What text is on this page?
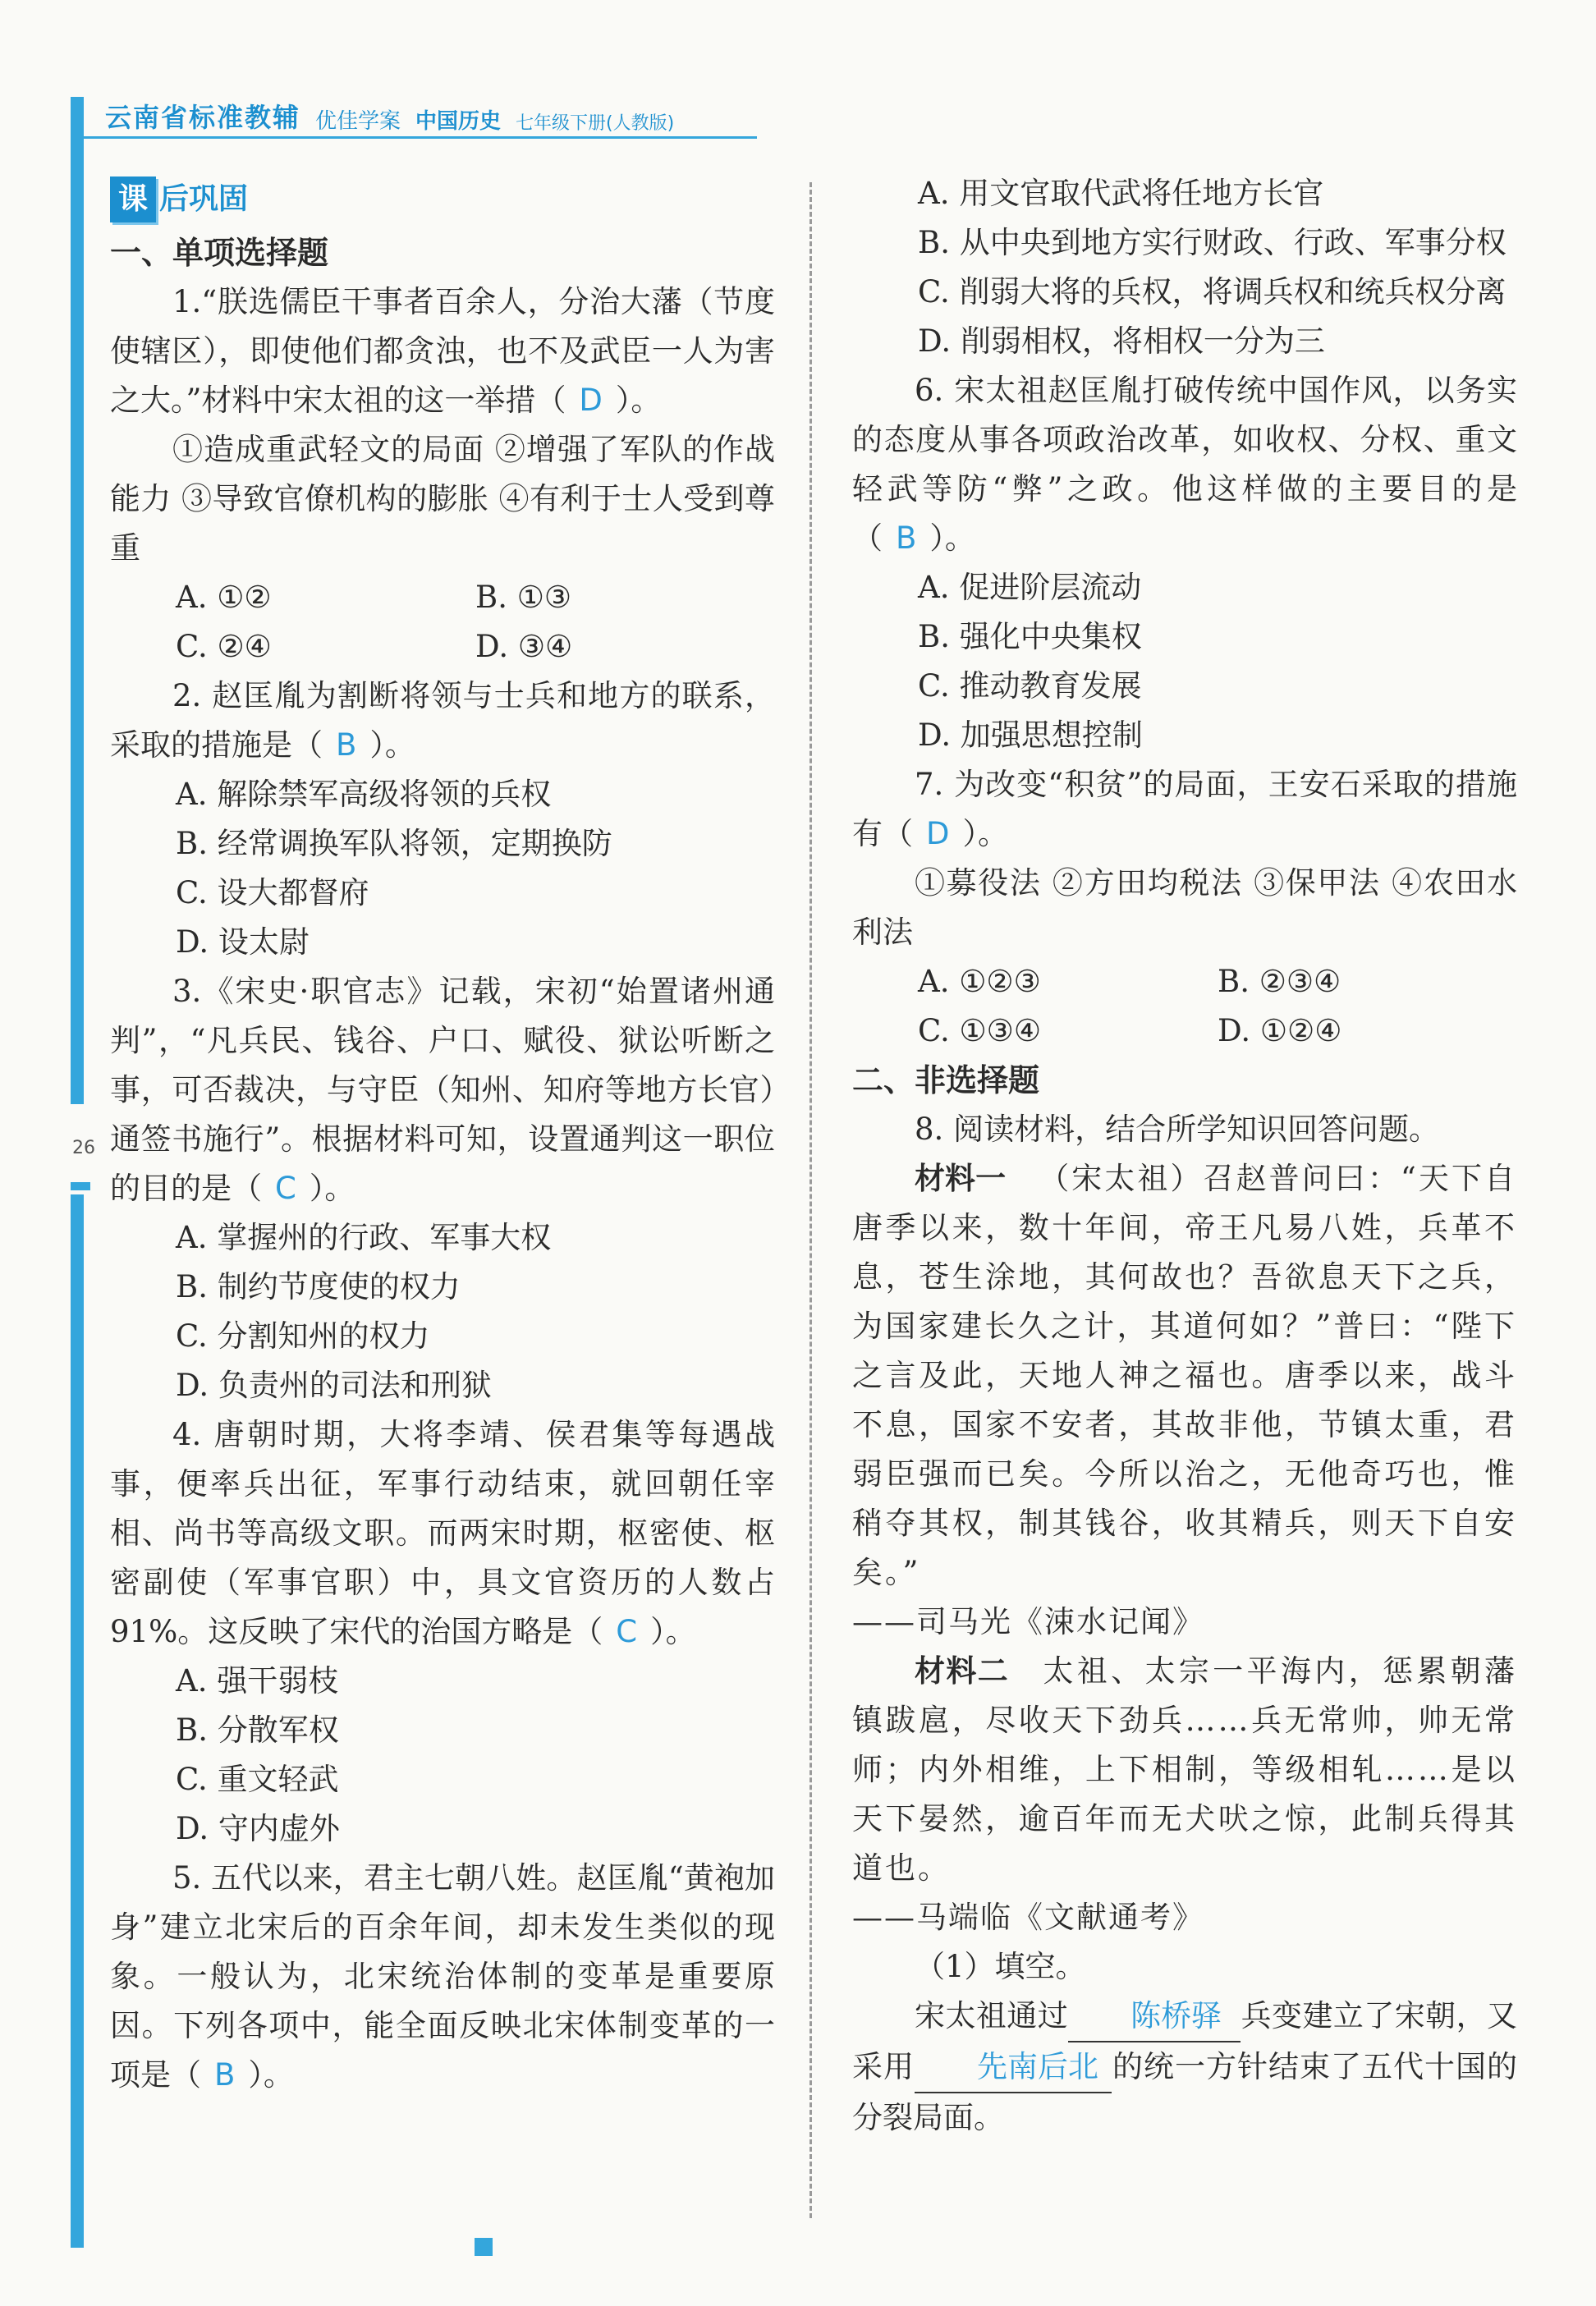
云南省标准教辅 优佳学案 中国历史 七年级下册(人教版)
26
课 后巩固

一、单项选择题

1.“朕选儒臣干事者百余人，分治大藩（节度使辖区），即使他们都贪浊，也不及武臣一人为害之大。”材料中宋太祖的这一举措（ D ）。

①造成重武轻文的局面 ②增强了军队的作战能力 ③导致官僚机构的膨胀 ④有利于士人受到尊重

A. ①②	B. ①③
C. ②④	D. ③④

2. 赵匡胤为割断将领与士兵和地方的联系，采取的措施是（ B ）。

A. 解除禁军高级将领的兵权

B. 经常调换军队将领，定期换防

C. 设大都督府

D. 设太尉

3.《宋史·职官志》记载，宋初“始置诸州通判”，“凡兵民、钱谷、户口、赋役、狱讼听断之事，可否裁决，与守臣（知州、知府等地方长官）通签书施行”。根据材料可知，设置通判这一职位的目的是（ C ）。

A. 掌握州的行政、军事大权

B. 制约节度使的权力

C. 分割知州的权力

D. 负责州的司法和刑狱

4. 唐朝时期，大将李靖、侯君集等每遇战事，便率兵出征，军事行动结束，就回朝任宰相、尚书等高级文职。而两宋时期，枢密使、枢密副使（军事官职）中，具文官资历的人数占91%。这反映了宋代的治国方略是（ C ）。

A. 强干弱枝

B. 分散军权

C. 重文轻武

D. 守内虚外

5. 五代以来，君主七朝八姓。赵匡胤“黄袍加身”建立北宋后的百余年间，却未发生类似的现象。一般认为，北宋统治体制的变革是重要原因。下列各项中，能全面反映北宋体制变革的一项是（ B ）。

A. 用文官取代武将任地方长官

B. 从中央到地方实行财政、行政、军事分权

C. 削弱大将的兵权，将调兵权和统兵权分离

D. 削弱相权，将相权一分为三

6. 宋太祖赵匡胤打破传统中国作风，以务实的态度从事各项政治改革，如收权、分权、重文轻武等防“弊”之政。他这样做的主要目的是（ B ）。

A. 促进阶层流动

B. 强化中央集权

C. 推动教育发展

D. 加强思想控制

7. 为改变“积贫”的局面，王安石采取的措施有（ D ）。

①募役法 ②方田均税法 ③保甲法 ④农田水利法

A. ①②③	B. ②③④
C. ①③④	D. ①②④

二、非选择题

8. 阅读材料，结合所学知识回答问题。

材料一  （宋太祖）召赵普问曰：“天下自唐季以来，数十年间，帝王凡易八姓，兵革不息，苍生涂地，其何故也？吾欲息天下之兵，为国家建长久之计，其道何如？”普曰：“陛下之言及此，天地人神之福也。唐季以来，战斗不息，国家不安者，其故非他，节镇太重，君弱臣强而已矣。今所以治之，无他奇巧也，惟稍夺其权，制其钱谷，收其精兵，则天下自安矣。”

——司马光《涑水记闻》

材料二  太祖、太宗一平海内，惩累朝藩镇跋扈，尽收天下劲兵……兵无常帅，帅无常师；内外相维，上下相制，等级相轧……是以天下晏然，逾百年而无犬吠之惊，此制兵得其道也。

——马端临《文献通考》

（1）填空。

宋太祖通过 陈桥驿 兵变建立了宋朝，又采用 先南后北 的统一方针结束了五代十国的分裂局面。
